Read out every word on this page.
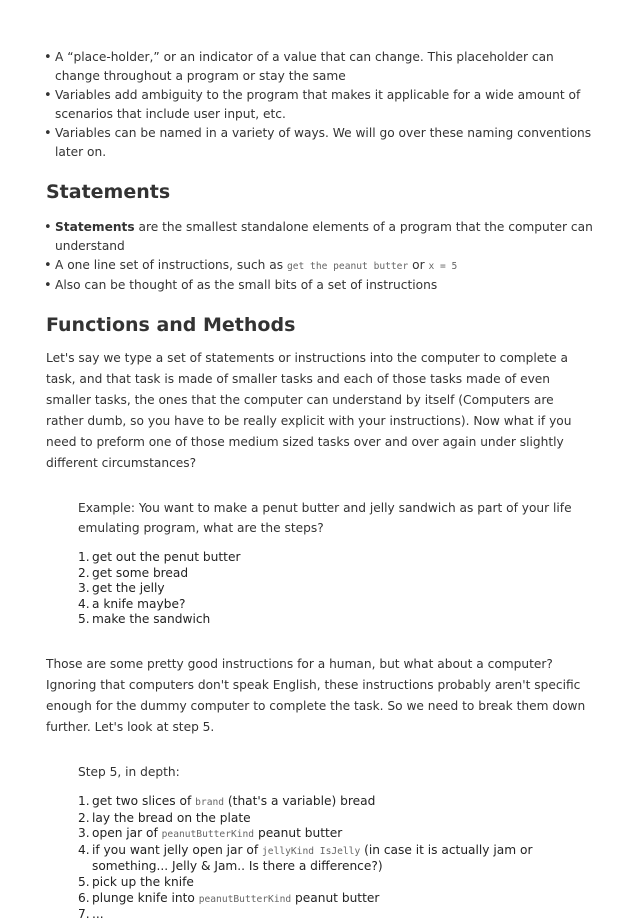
• A “place-holder,” or an indicator of a value that can change. This placeholder can change throughout a program or stay the same
• Variables add ambiguity to the program that makes it applicable for a wide amount of scenarios that include user input, etc.
• Variables can be named in a variety of ways. We will go over these naming conventions later on.
Statements
• Statements are the smallest standalone elements of a program that the computer can understand
• A one line set of instructions, such as get the peanut butter or x = 5
• Also can be thought of as the small bits of a set of instructions
Functions and Methods

Let's say we type a set of statements or instructions into the computer to complete a task, and that task is made of smaller tasks and each of those tasks made of even smaller tasks, the ones that the computer can understand by itself (Computers are rather dumb, so you have to be really explicit with your instructions). Now what if you need to preform one of those medium sized tasks over and over again under slightly different circumstances?

Example: You want to make a penut butter and jelly sandwich as part of your life emulating program, what are the steps?

1. get out the penut butter
2. get some bread
3. get the jelly
4. a knife maybe?
5. make the sandwich

Those are some pretty good instructions for a human, but what about a computer? Ignoring that computers don't speak English, these instructions probably aren't specific enough for the dummy computer to complete the task. So we need to break them down further. Let's look at step 5.

Step 5, in depth:

1. get two slices of brand (that's a variable) bread
2. lay the bread on the plate
3. open jar of peanutButterKind peanut butter
4. if you want jelly open jar of jellyKind IsJelly (in case it is actually jam or something... Jelly & Jam.. Is there a difference?)
5. pick up the knife
6. plunge knife into peanutButterKind peanut butter
7. ...
